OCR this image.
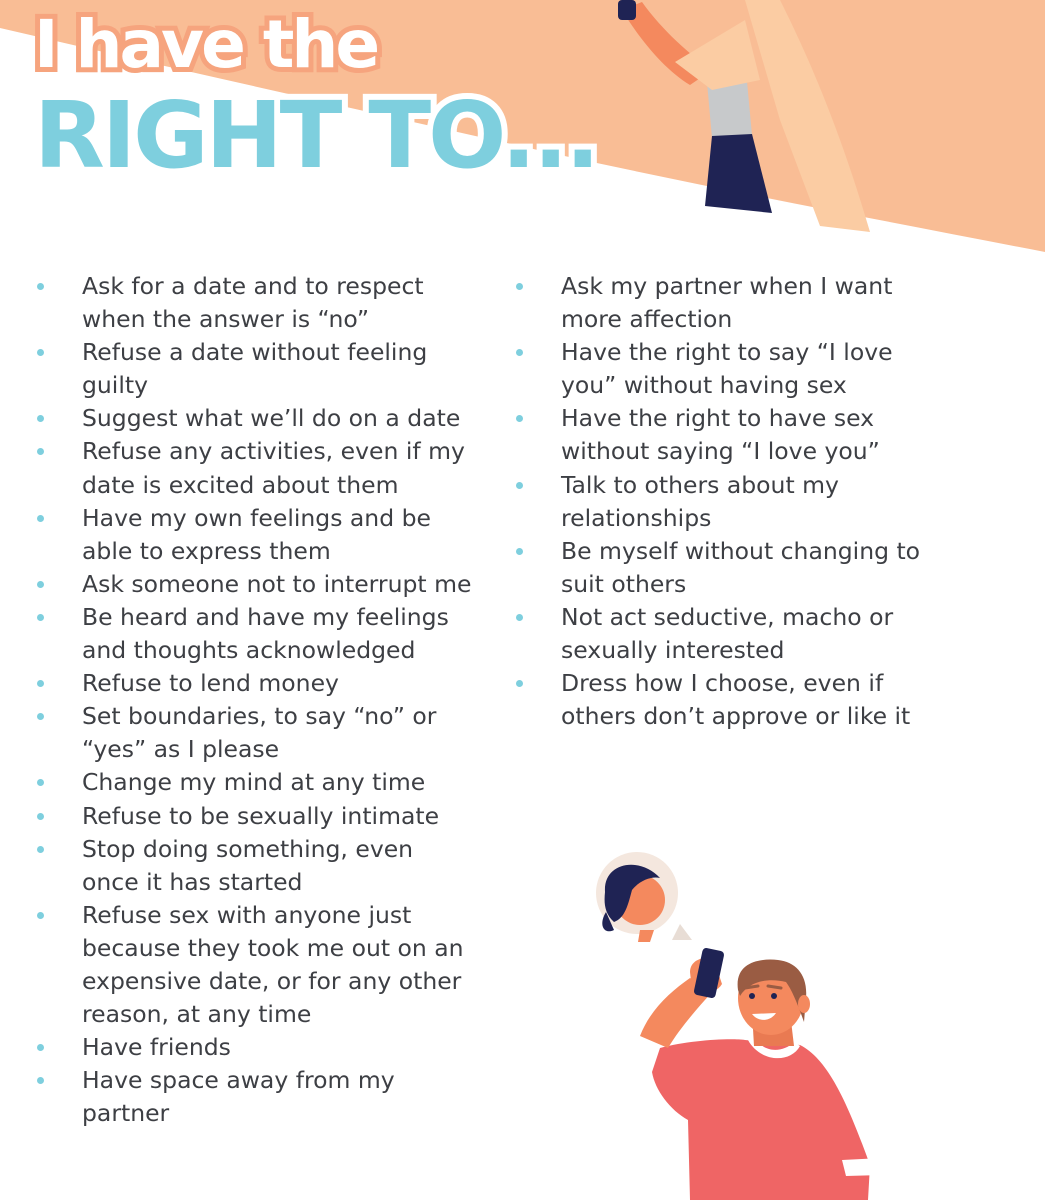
I have the
RIGHT TO...
Ask for a date and to respect when the answer is “no”
Refuse a date without feeling guilty
Suggest what we’ll do on a date
Refuse any activities, even if my date is excited about them
Have my own feelings and be able to express them
Ask someone not to interrupt me
Be heard and have my feelings and thoughts acknowledged
Refuse to lend money
Set boundaries, to say “no” or “yes” as I please
Change my mind at any time
Refuse to be sexually intimate
Stop doing something, even once it has started
Refuse sex with anyone just because they took me out on an expensive date, or for any other reason, at any time
Have friends
Have space away from my partner
Ask my partner when I want more affection
Have the right to say “I love you” without having sex
Have the right to have sex without saying “I love you”
Talk to others about my relationships
Be myself without changing to suit others
Not act seductive, macho or sexually interested
Dress how I choose, even if others don’t approve or like it
